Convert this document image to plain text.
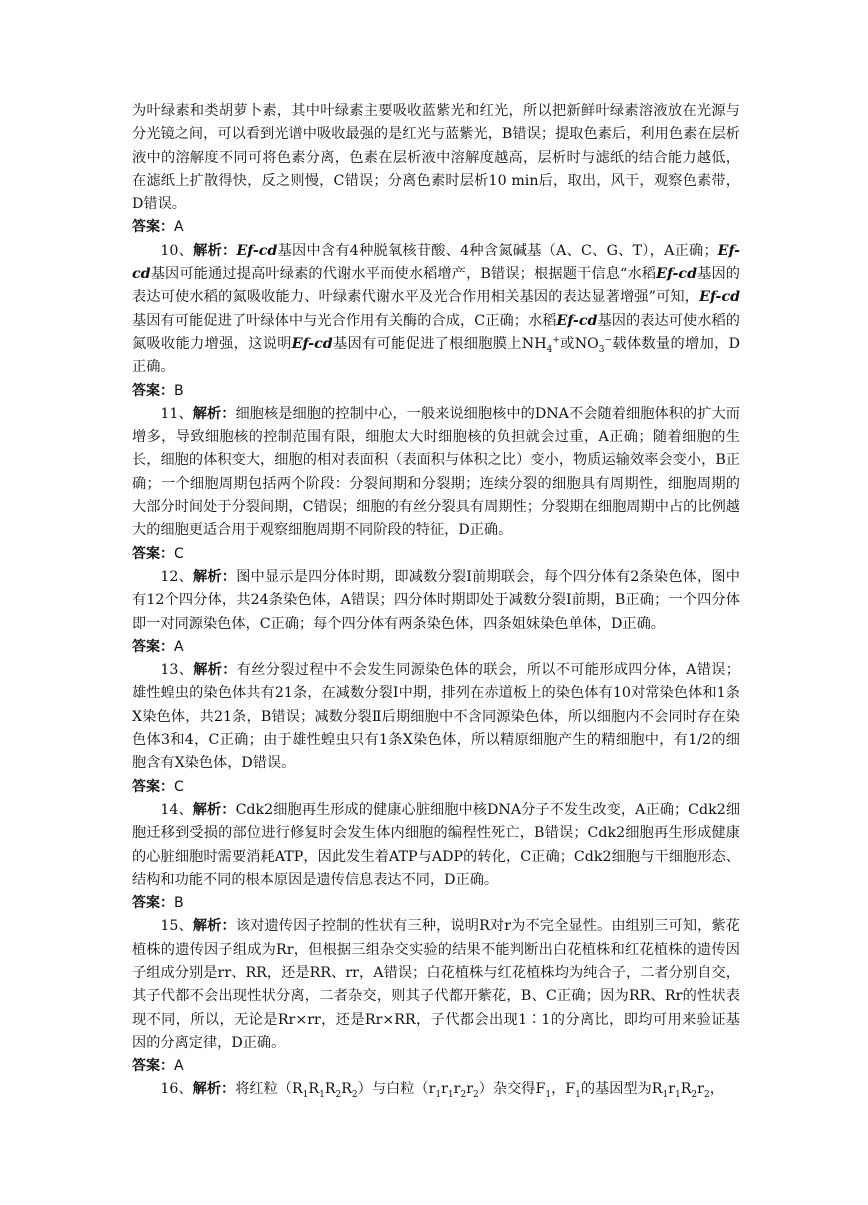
为叶绿素和类胡萝卜素，其中叶绿素主要吸收蓝紫光和红光，所以把新鲜叶绿素溶液放在光源与分光镜之间，可以看到光谱中吸收最强的是红光与蓝紫光，B错误；提取色素后，利用色素在层析液中的溶解度不同可将色素分离，色素在层析液中溶解度越高，层析时与滤纸的结合能力越低，在滤纸上扩散得快，反之则慢，C错误；分离色素时层析10 min后，取出，风干，观察色素带，D错误。

答案：A

10、解析：Ef-cd基因中含有4种脱氧核苷酸、4种含氮碱基（A、C、G、T），A正确；Ef-cd基因可能通过提高叶绿素的代谢水平而使水稻增产，B错误；根据题干信息“水稻Ef-cd基因的表达可使水稻的氮吸收能力、叶绿素代谢水平及光合作用相关基因的表达显著增强”可知，Ef-cd基因有可能促进了叶绿体中与光合作用有关酶的合成，C正确；水稻Ef-cd基因的表达可使水稻的氮吸收能力增强，这说明Ef-cd基因有可能促进了根细胞膜上$NH_4^+$或$NO_3^-$载体数量的增加，D正确。

答案：B

11、解析：细胞核是细胞的控制中心，一般来说细胞核中的DNA不会随着细胞体积的扩大而增多，导致细胞核的控制范围有限，细胞太大时细胞核的负担就会过重，A正确；随着细胞的生长，细胞的体积变大，细胞的相对表面积（表面积与体积之比）变小，物质运输效率会变小，B正确；一个细胞周期包括两个阶段：分裂间期和分裂期；连续分裂的细胞具有周期性，细胞周期的大部分时间处于分裂间期，C错误；细胞的有丝分裂具有周期性；分裂期在细胞周期中占的比例越大的细胞更适合用于观察细胞周期不同阶段的特征，D正确。

答案：C

12、解析：图中显示是四分体时期，即减数分裂Ⅰ前期联会，每个四分体有2条染色体，图中有12个四分体，共24条染色体，A错误；四分体时期即处于减数分裂Ⅰ前期，B正确；一个四分体即一对同源染色体，C正确；每个四分体有两条染色体，四条姐妹染色单体，D正确。

答案：A

13、解析：有丝分裂过程中不会发生同源染色体的联会，所以不可能形成四分体，A错误；雄性蝗虫的染色体共有21条，在减数分裂Ⅰ中期，排列在赤道板上的染色体有10对常染色体和1条X染色体，共21条，B错误；减数分裂Ⅱ后期细胞中不含同源染色体，所以细胞内不会同时存在染色体3和4，C正确；由于雄性蝗虫只有1条X染色体，所以精原细胞产生的精细胞中，有1/2的细胞含有X染色体，D错误。

答案：C

14、解析：Cdk2细胞再生形成的健康心脏细胞中核DNA分子不发生改变，A正确；Cdk2细胞迁移到受损的部位进行修复时会发生体内细胞的编程性死亡，B错误；Cdk2细胞再生形成健康的心脏细胞时需要消耗ATP，因此发生着ATP与ADP的转化，C正确；Cdk2细胞与干细胞形态、结构和功能不同的根本原因是遗传信息表达不同，D正确。

答案：B

15、解析：该对遗传因子控制的性状有三种，说明R对r为不完全显性。由组别三可知，紫花植株的遗传因子组成为Rr，但根据三组杂交实验的结果不能判断出白花植株和红花植株的遗传因子组成分别是rr、RR，还是RR、rr，A错误；白花植株与红花植株均为纯合子，二者分别自交，其子代都不会出现性状分离，二者杂交，则其子代都开紫花，B、C正确；因为RR、Rr的性状表现不同，所以，无论是Rr×rr，还是Rr×RR，子代都会出现1∶1的分离比，即均可用来验证基因的分离定律，D正确。

答案：A

16、解析：将红粒$(R_1R_1R_2R_2)$与白粒$(r_1r_1r_2r_2)$杂交得$F_1$，$F_1$的基因型为$R_1r_1R_2r_2$，
